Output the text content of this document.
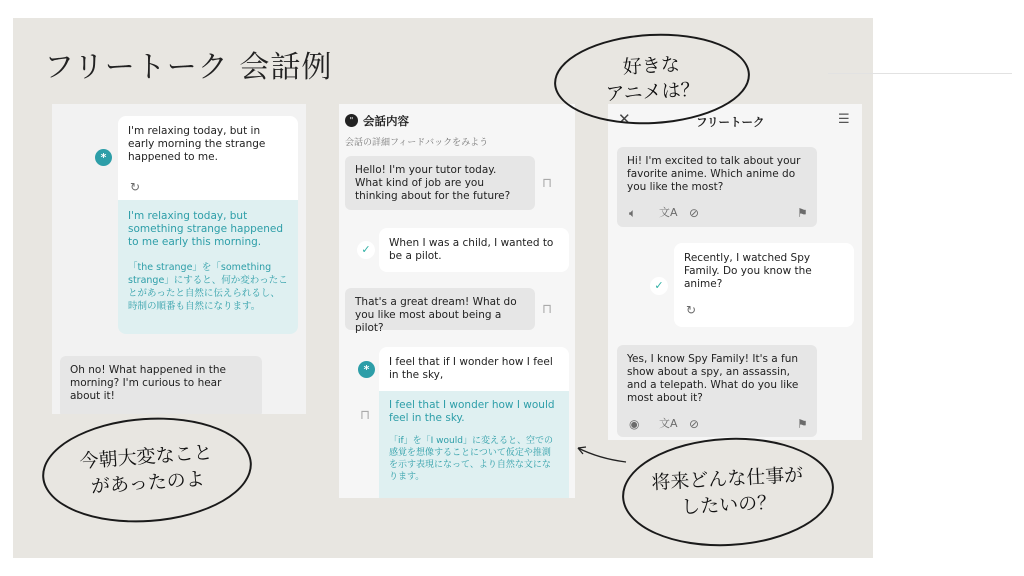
フリートーク 会話例
*
I'm relaxing today, but in early morning the strange happened to me.
↻
I'm relaxing today, but something strange happened to me early this morning.
「the strange」を「something strange」にすると、何か変わったことがあったと自然に伝えられるし、時制の順番も自然になります。
Oh no! What happened in the morning? I'm curious to hear about it!
" 会話内容
会話の詳細フィードバックをみよう
Hello! I'm your tutor today. What kind of job are you thinking about for the future?
⊓
✓	When I was a child, I wanted to be a pilot.
That's a great dream! What do you like most about being a pilot?
⊓
*
I feel that if I wonder how I feel in the sky,
⊓
I feel that I wonder how I would feel in the sky.
「if」を「I would」に変えると、空での感覚を想像することについて仮定や推測を示す表現になって、より自然な文になります。
✕	フリートーク	☰
Hi! I'm excited to talk about your favorite anime. Which anime do you like the most?
🔈︎ 文A ⊘	⚑
✓
Recently, I watched Spy Family. Do you know the anime?
↻
Yes, I know Spy Family! It's a fun show about a spy, an assassin, and a telepath. What do you like most about it?
◉ 文A ⊘	⚑
好きな
アニメは？
今朝大変なこと
があったのよ	将来どんな仕事が
したいの？
